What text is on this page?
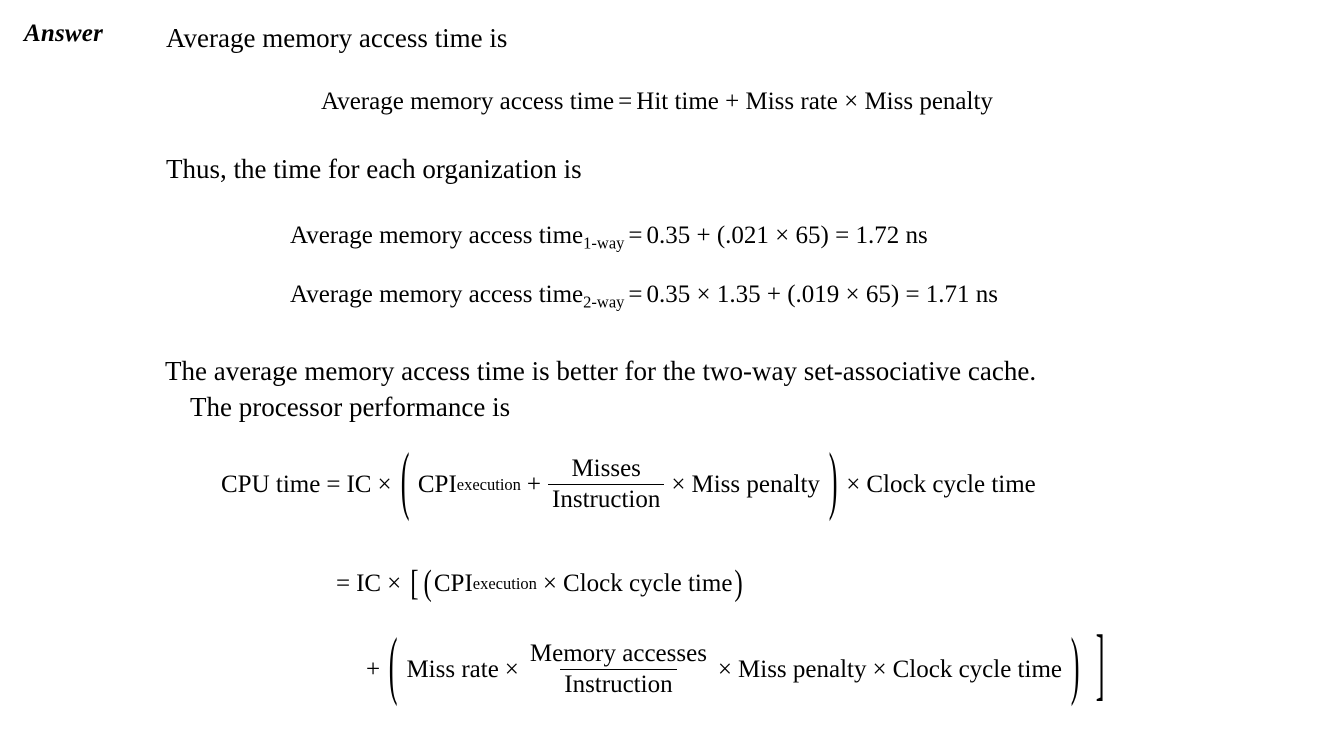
Answer Average memory access time is

Average memory access time = Hit time + Miss rate × Miss penalty

Thus, the time for each organization is

Average memory access time$_{1-way}$ = 0.35 + (.021 × 65) = 1.72 ns
Average memory access time$_{2-way}$ = 0.35 × 1.35 + (.019 × 65) = 1.71 ns

The average memory access time is better for the two-way set-associative cache.
The processor performance is

CPU time = IC × ( CPI execution + $\frac{\text{Misses}}{\text{Instruction}}$ × Miss penalty ) × Clock cycle time
= IC × [ ( CPI execution × Clock cycle time )
+ ( Miss rate × $\frac{\text{Memory accesses}}{\text{Instruction}}$ × Miss penalty × Clock cycle time ) ]
